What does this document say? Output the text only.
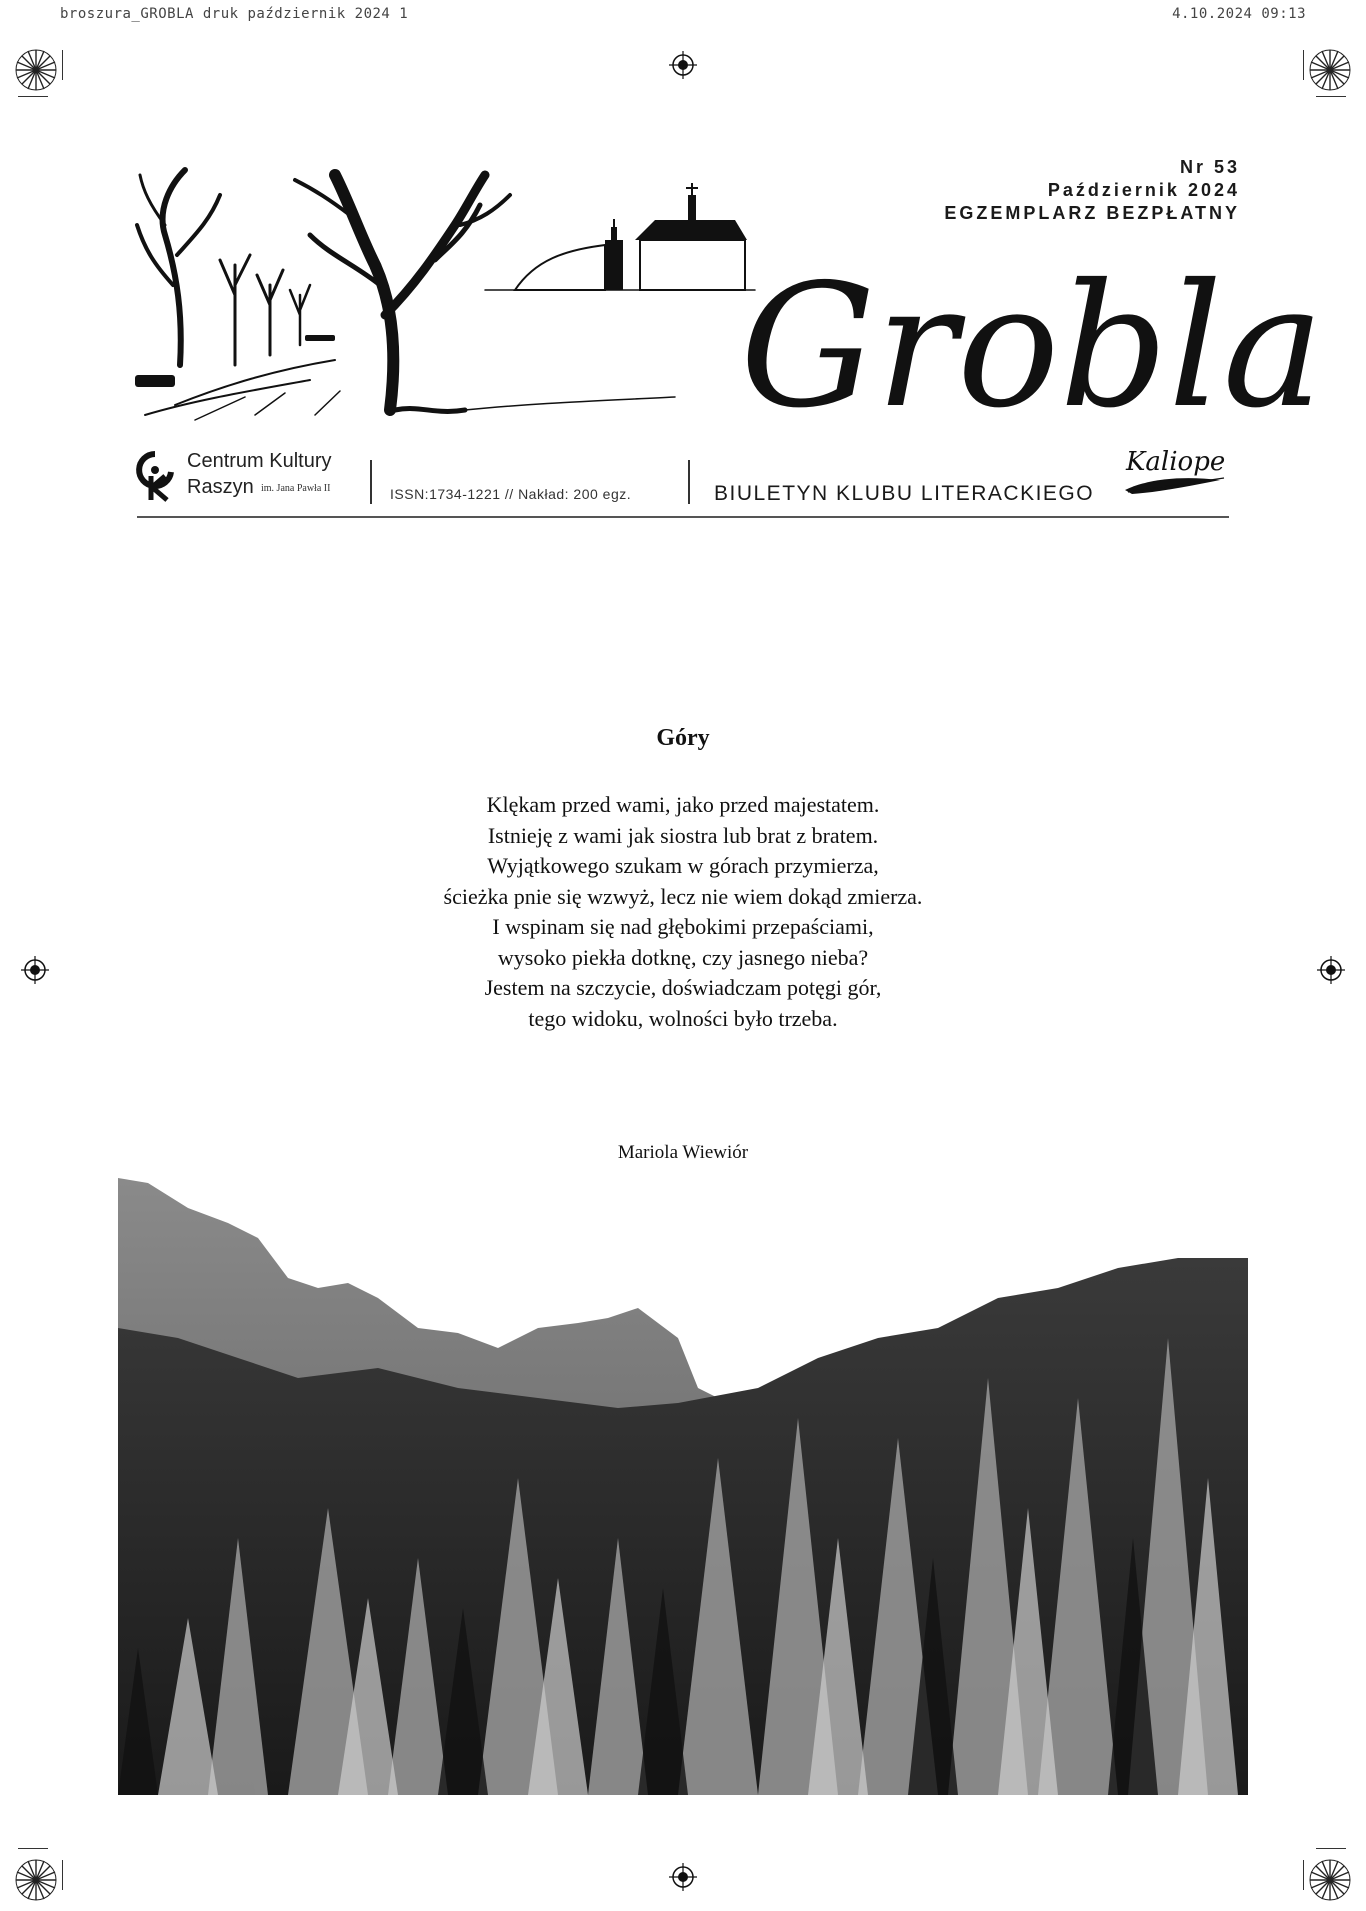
broszura_GROBLA druk październik 2024 1	4.10.2024 09:13
Nr 53
Październik 2024
EGZEMPLARZ BEZPŁATNY
Grobla
Centrum Kultury
Raszyn im. Jana Pawła II	ISSN:1734-1221 // Nakład: 200 egz.	BIULETYN KLUBU LITERACKIEGO
Kaliope
Góry
Klękam przed wami, jako przed majestatem.
Istnieję z wami jak siostra lub brat z bratem.
Wyjątkowego szukam w górach przymierza,
ścieżka pnie się wzwyż, lecz nie wiem dokąd zmierza.
I wspinam się nad głębokimi przepaściami,
wysoko piekła dotknę, czy jasnego nieba?
Jestem na szczycie, doświadczam potęgi gór,
tego widoku, wolności było trzeba.
Mariola Wiewiór
